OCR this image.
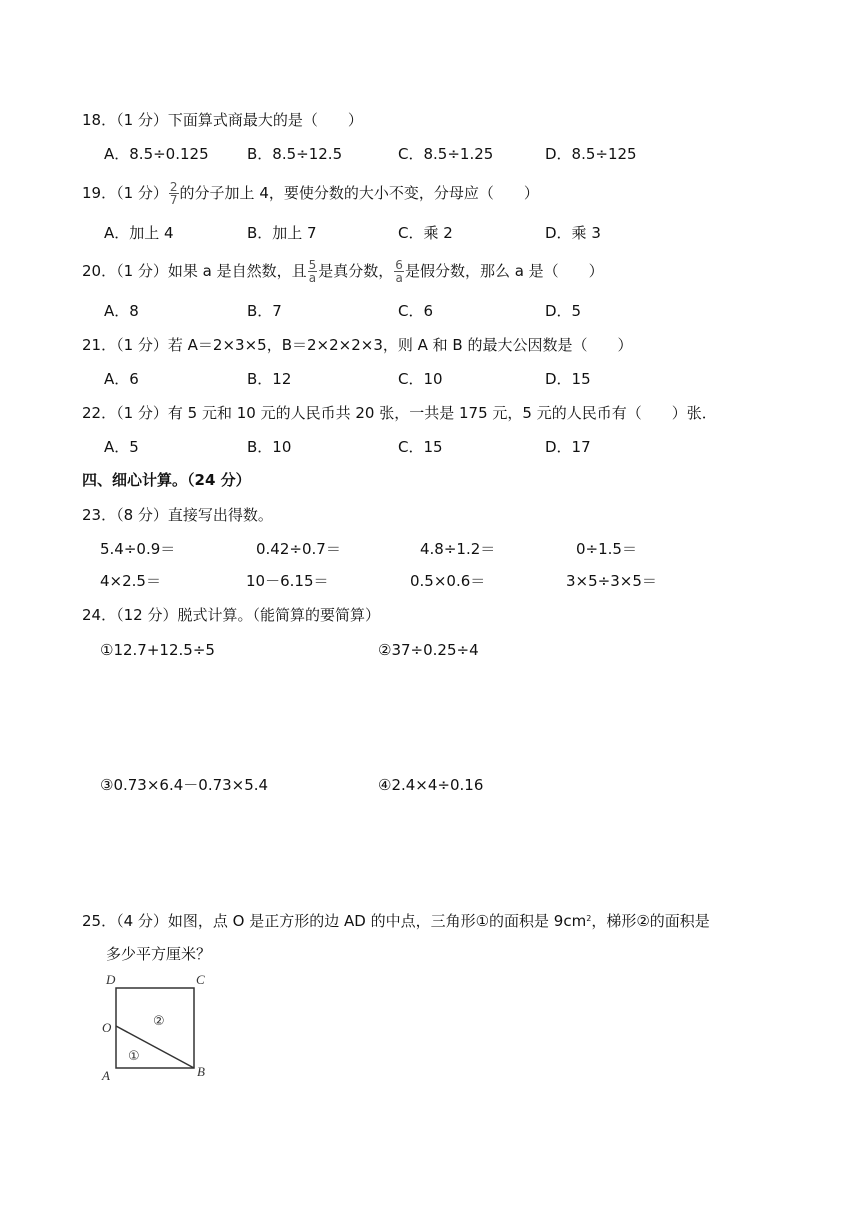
18．（1 分）下面算式商最大的是（　　）
A．8.5÷0.125	B．8.5÷12.5	C．8.5÷1.25	D．8.5÷125
19．（1 分） $\frac{2}{7}$ 的分子加上 4，要使分数的大小不变，分母应（　　）
A．加上 4	B．加上 7	C．乘 2	D．乘 3
20．（1 分）如果 a 是自然数，且 $\frac{5}{a}$ 是真分数， $\frac{6}{a}$ 是假分数，那么 a 是（　　）
A．8	B．7	C．6	D．5
21．（1 分）若 A＝2×3×5，B＝2×2×2×3，则 A 和 B 的最大公因数是（　　）
A．6	B．12	C．10	D．15
22．（1 分）有 5 元和 10 元的人民币共 20 张，一共是 175 元，5 元的人民币有（　　）张．
A．5	B．10	C．15	D．17
四、细心计算。（24 分）
23．（8 分）直接写出得数。
5.4÷0.9＝	0.42÷0.7＝	4.8÷1.2＝	0÷1.5＝
4×2.5＝	10－6.15＝	0.5×0.6＝	3×5÷3×5＝
24．（12 分）脱式计算。（能简算的要简算）
①12.7+12.5÷5	②37÷0.25÷4
③0.73×6.4－0.73×5.4	④2.4×4÷0.16
25．（4 分）如图，点 O 是正方形的边 AD 的中点，三角形①的面积是 $9cm^2$，梯形②的面积是
多少平方厘米？
D	C
O
A	B
①
②
